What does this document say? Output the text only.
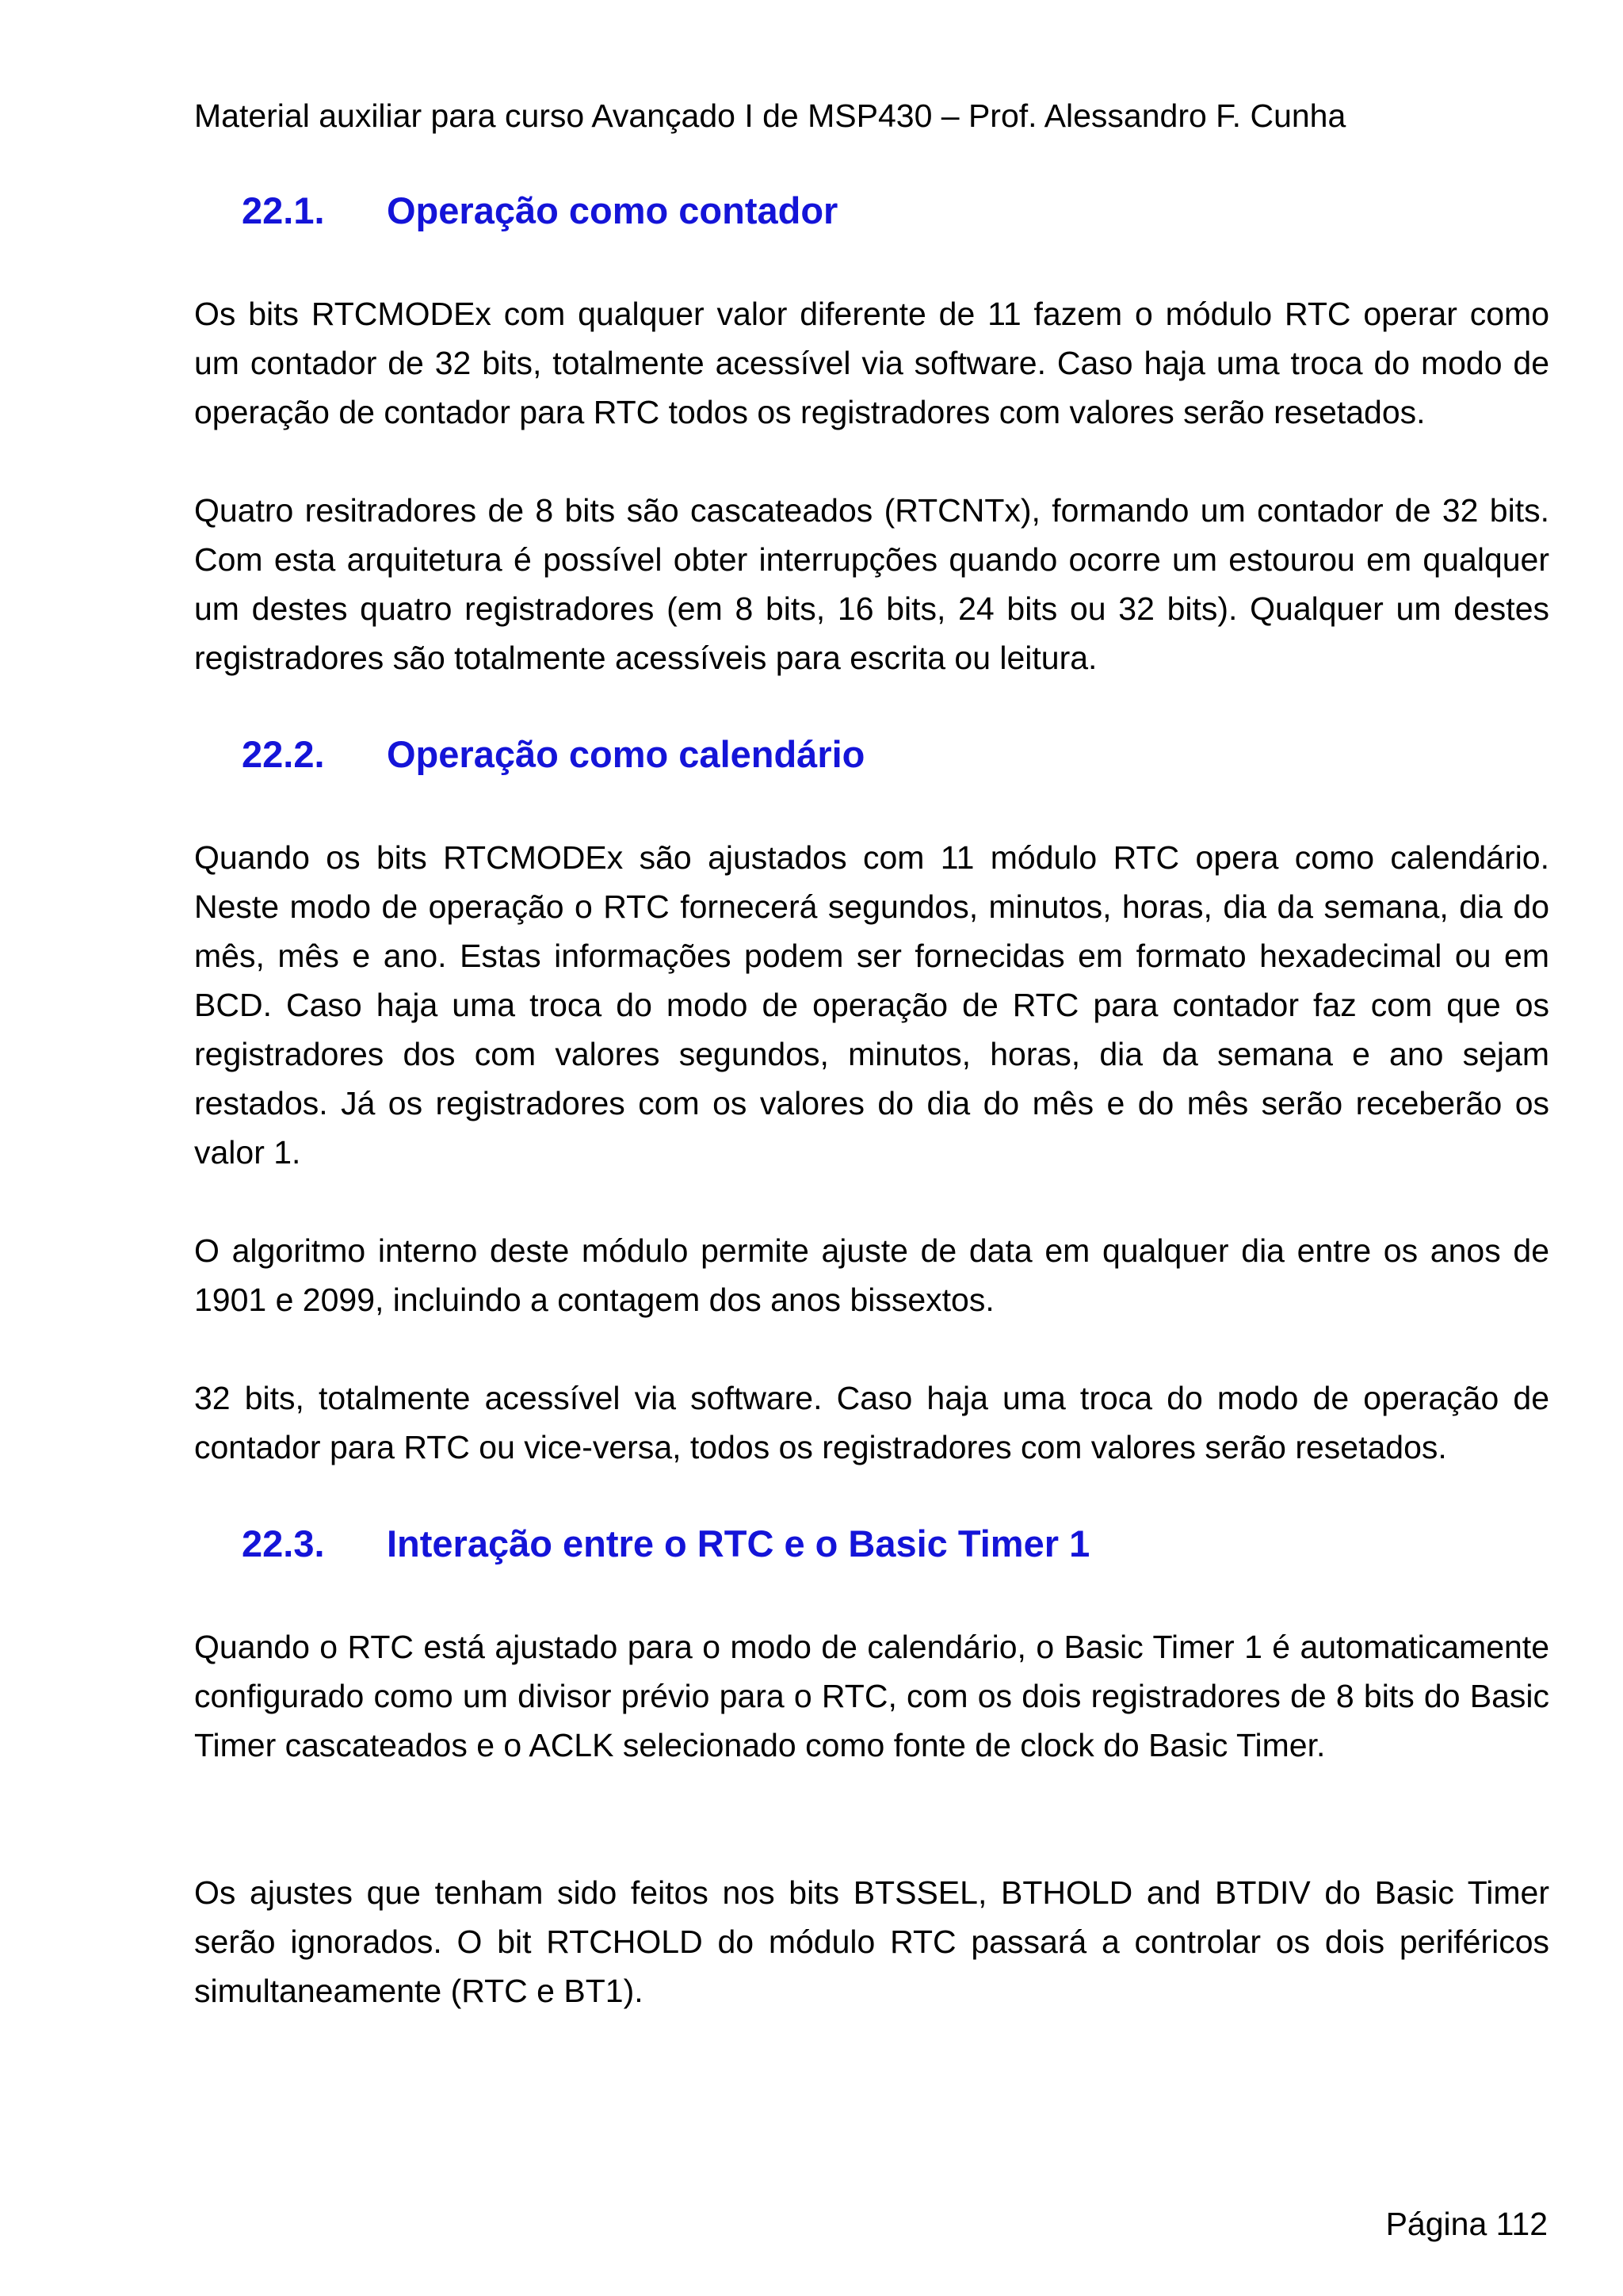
Material auxiliar para curso Avançado I de MSP430 – Prof. Alessandro F. Cunha
22.1. Operação como contador
Os bits RTCMODEx com qualquer valor diferente de 11 fazem o módulo RTC operar como um contador de 32 bits, totalmente acessível via software. Caso haja uma troca do modo de operação de contador para RTC todos os registradores com valores serão resetados.
Quatro resitradores de 8 bits são cascateados (RTCNTx), formando um contador de 32 bits. Com esta arquitetura é possível obter interrupções quando ocorre um estourou em qualquer um destes quatro registradores (em 8 bits, 16 bits, 24 bits ou 32 bits). Qualquer um destes registradores são totalmente acessíveis para escrita ou leitura.
22.2. Operação como calendário
Quando os bits RTCMODEx são ajustados com 11 módulo RTC opera como calendário. Neste modo de operação o RTC fornecerá segundos, minutos, horas, dia da semana, dia do mês, mês e ano. Estas informações podem ser fornecidas em formato hexadecimal ou em BCD. Caso haja uma troca do modo de operação de RTC para contador faz com que os registradores dos com valores segundos, minutos, horas, dia da semana e ano sejam restados. Já os registradores com os valores do dia do mês e do mês serão receberão os valor 1.
O algoritmo interno deste módulo permite ajuste de data em qualquer dia entre os anos de 1901 e 2099, incluindo a contagem dos anos bissextos.
32 bits, totalmente acessível via software. Caso haja uma troca do modo de operação de contador para RTC ou vice-versa, todos os registradores com valores serão resetados.
22.3. Interação entre o RTC e o Basic Timer 1
Quando o RTC está ajustado para o modo de calendário, o Basic Timer 1 é automaticamente configurado como um divisor prévio para o RTC, com os dois registradores de 8 bits do Basic Timer cascateados e o ACLK selecionado como fonte de clock do Basic Timer.
Os ajustes que tenham sido feitos nos bits BTSSEL, BTHOLD and BTDIV do Basic Timer serão ignorados. O bit RTCHOLD do módulo RTC passará a controlar os dois periféricos simultaneamente (RTC e BT1).
Página 112
